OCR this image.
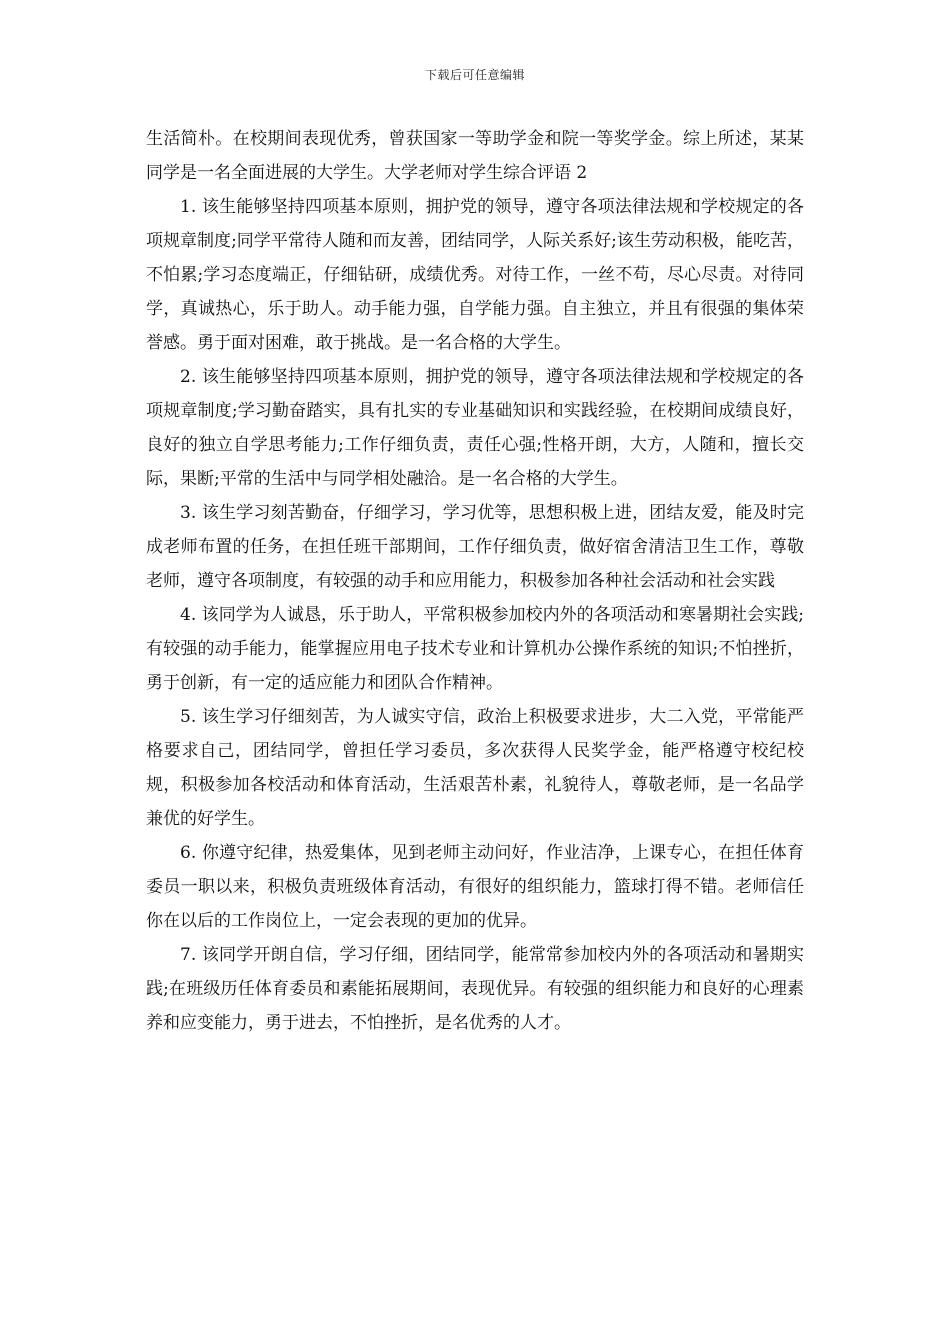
下载后可任意编辑

生活简朴。在校期间表现优秀，曾获国家一等助学金和院一等奖学金。综上所述，某某同学是一名全面进展的大学生。大学老师对学生综合评语 2

1. 该生能够坚持四项基本原则，拥护党的领导，遵守各项法律法规和学校规定的各项规章制度;同学平常待人随和而友善，团结同学，人际关系好;该生劳动积极，能吃苦，不怕累;学习态度端正，仔细钻研，成绩优秀。对待工作，一丝不苟，尽心尽责。对待同学，真诚热心，乐于助人。动手能力强，自学能力强。自主独立，并且有很强的集体荣誉感。勇于面对困难，敢于挑战。是一名合格的大学生。

2. 该生能够坚持四项基本原则，拥护党的领导，遵守各项法律法规和学校规定的各项规章制度;学习勤奋踏实，具有扎实的专业基础知识和实践经验，在校期间成绩良好，良好的独立自学思考能力;工作仔细负责，责任心强;性格开朗，大方，人随和，擅长交际，果断;平常的生活中与同学相处融洽。是一名合格的大学生。

3. 该生学习刻苦勤奋，仔细学习，学习优等，思想积极上进，团结友爱，能及时完成老师布置的任务，在担任班干部期间，工作仔细负责，做好宿舍清洁卫生工作，尊敬老师，遵守各项制度，有较强的动手和应用能力，积极参加各种社会活动和社会实践

4. 该同学为人诚恳，乐于助人，平常积极参加校内外的各项活动和寒暑期社会实践;有较强的动手能力，能掌握应用电子技术专业和计算机办公操作系统的知识;不怕挫折，勇于创新，有一定的适应能力和团队合作精神。

5. 该生学习仔细刻苦，为人诚实守信，政治上积极要求进步，大二入党，平常能严格要求自己，团结同学，曾担任学习委员，多次获得人民奖学金，能严格遵守校纪校规，积极参加各校活动和体育活动，生活艰苦朴素，礼貌待人，尊敬老师，是一名品学兼优的好学生。

6. 你遵守纪律，热爱集体，见到老师主动问好，作业洁净，上课专心，在担任体育委员一职以来，积极负责班级体育活动，有很好的组织能力，篮球打得不错。老师信任你在以后的工作岗位上，一定会表现的更加的优异。

7. 该同学开朗自信，学习仔细，团结同学，能常常参加校内外的各项活动和暑期实践;在班级历任体育委员和素能拓展期间，表现优异。有较强的组织能力和良好的心理素养和应变能力，勇于进去，不怕挫折，是名优秀的人才。
